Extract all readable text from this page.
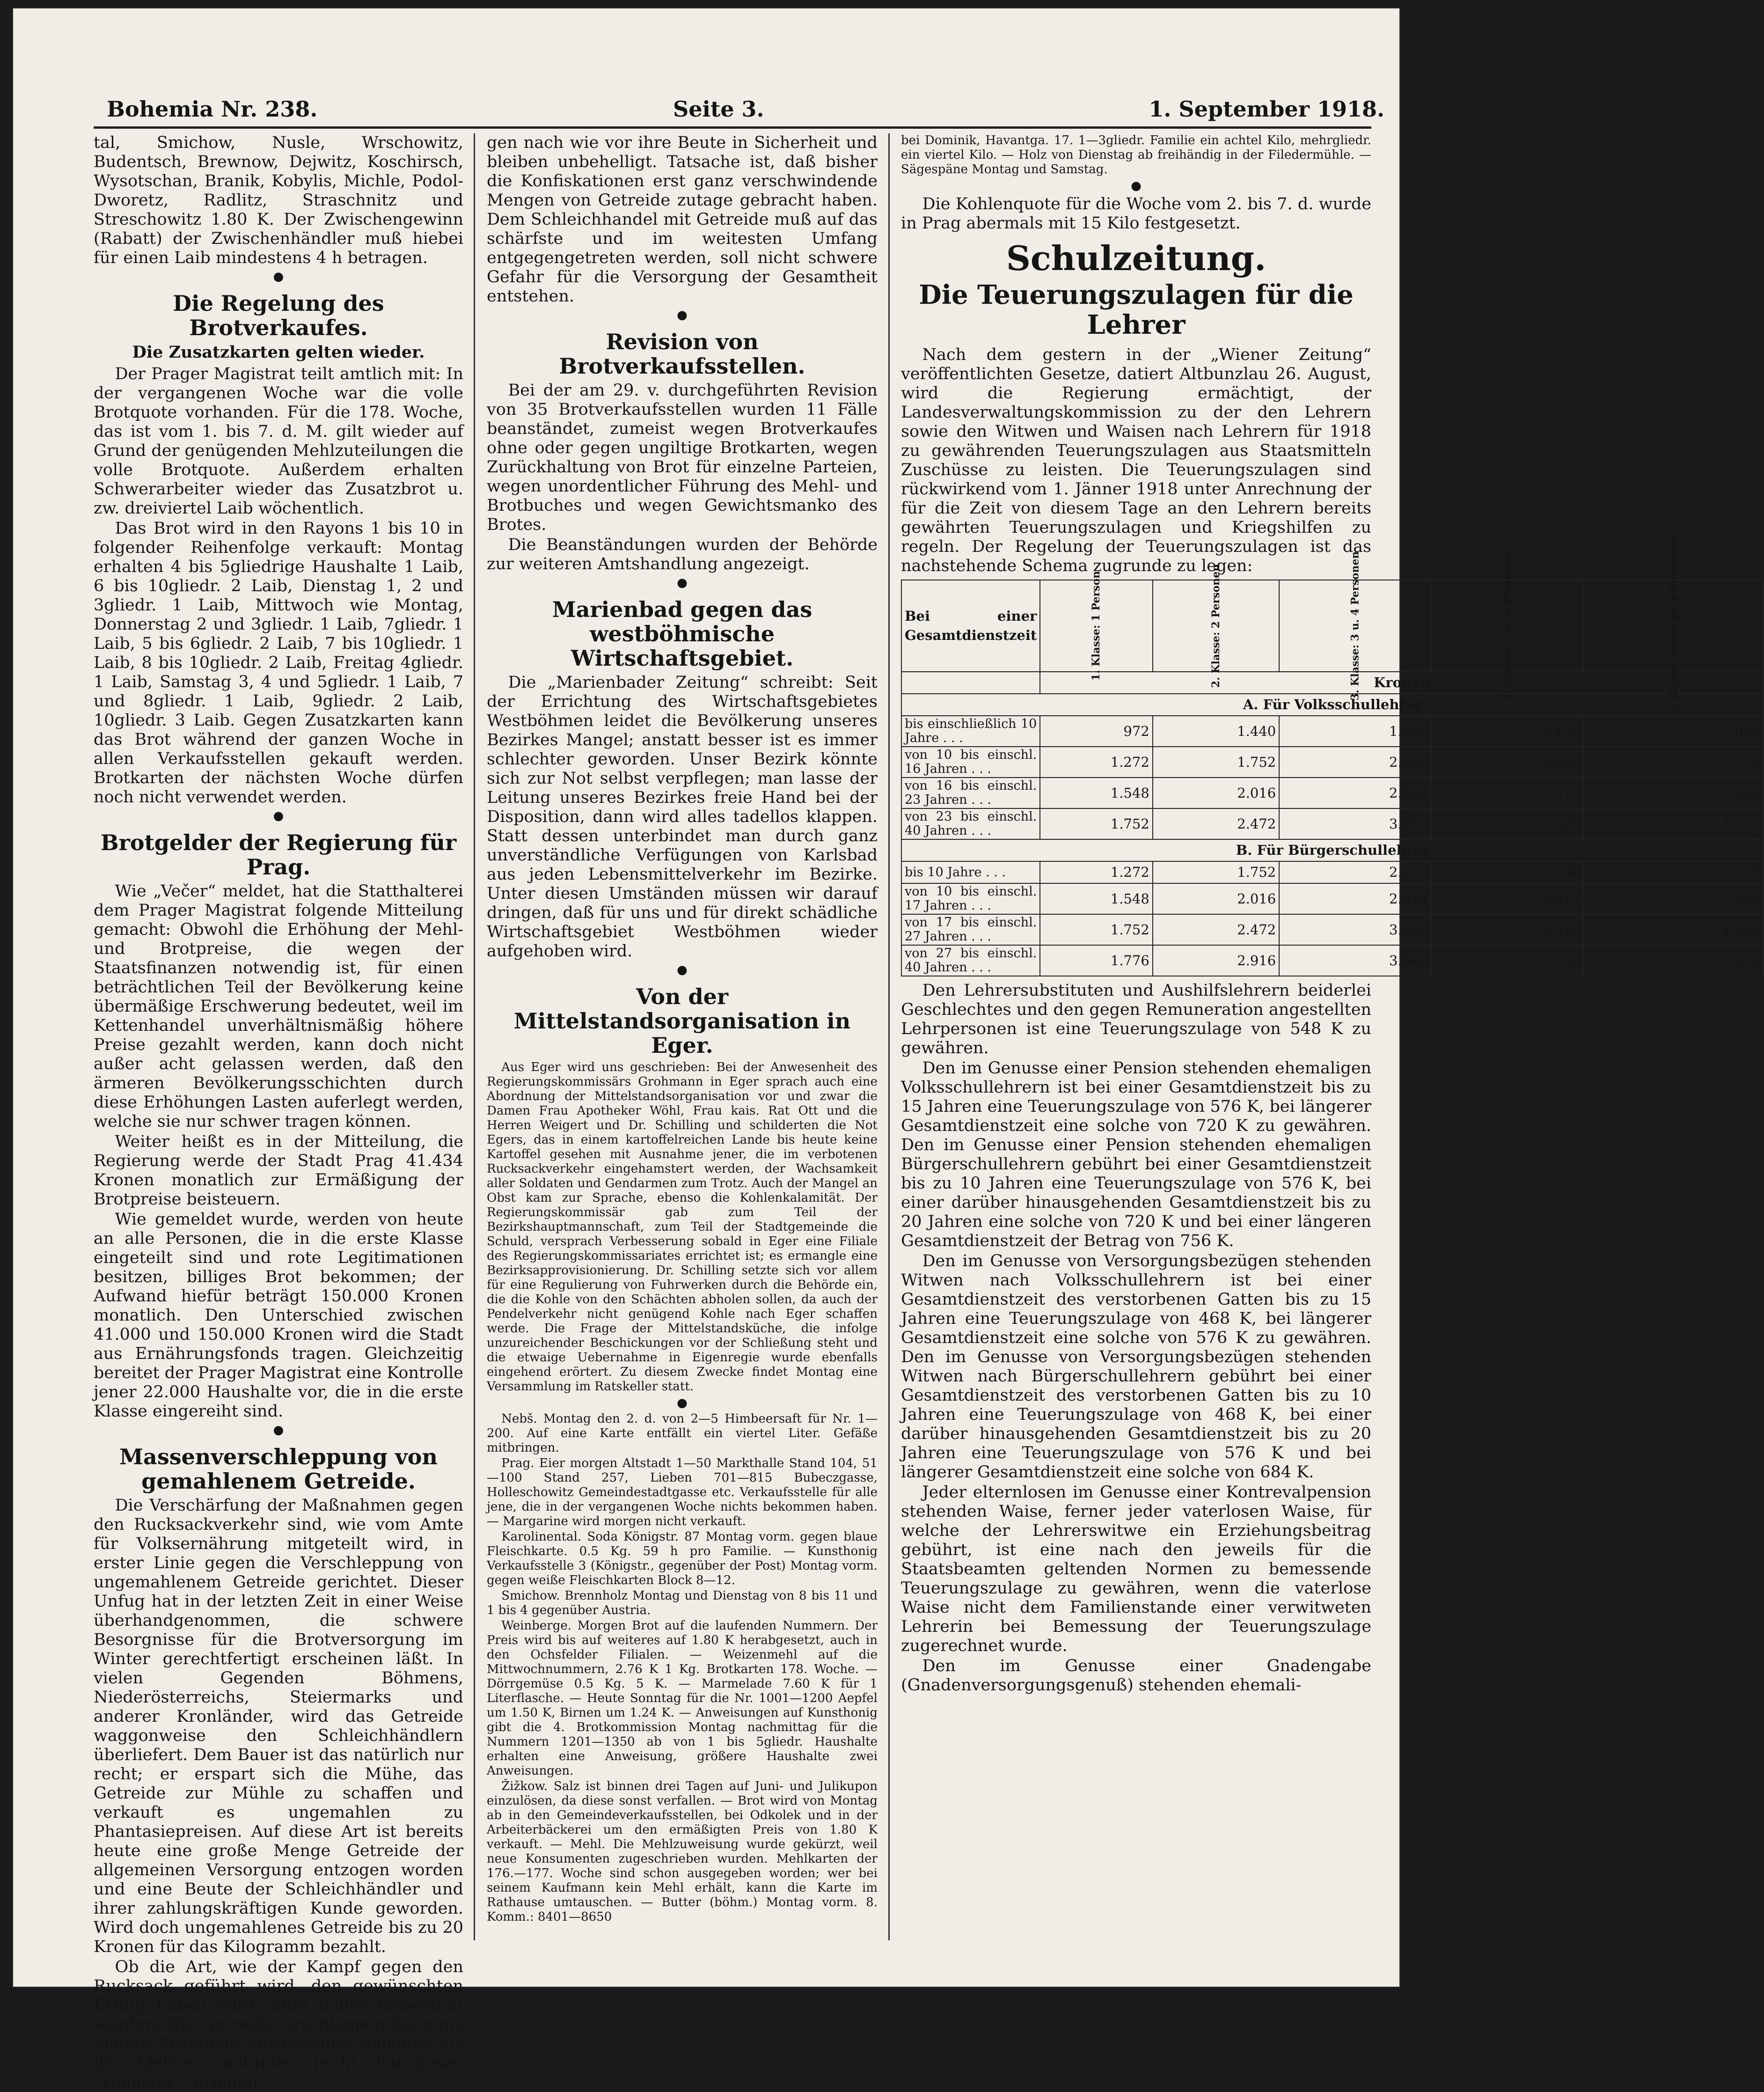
Bohemia Nr. 238.	Seite 3.	1. September 1918.

tal, Smichow, Nusle, Wrschowitz, Budentsch, Brewnow, Dejwitz, Koschirsch, Wysotschan, Branik, Kobylis, Michle, Podol-Dworetz, Radlitz, Straschnitz und Streschowitz 1.80 K. Der Zwischengewinn (Rabatt) der Zwischenhändler muß hiebei für einen Laib mindestens 4 h betragen.

●
Die Regelung des Brotverkaufes.
Die Zusatzkarten gelten wieder.

Der Prager Magistrat teilt amtlich mit: In der vergangenen Woche war die volle Brotquote vorhanden. Für die 178. Woche, das ist vom 1. bis 7. d. M. gilt wieder auf Grund der genügenden Mehlzuteilungen die volle Brotquote. Außerdem erhalten Schwerarbeiter wieder das Zusatzbrot u. zw. dreiviertel Laib wöchentlich.

Das Brot wird in den Rayons 1 bis 10 in folgender Reihenfolge verkauft: Montag erhalten 4 bis 5gliedrige Haushalte 1 Laib, 6 bis 10gliedr. 2 Laib, Dienstag 1, 2 und 3gliedr. 1 Laib, Mittwoch wie Montag, Donnerstag 2 und 3gliedr. 1 Laib, 7gliedr. 1 Laib, 5 bis 6gliedr. 2 Laib, 7 bis 10gliedr. 1 Laib, 8 bis 10gliedr. 2 Laib, Freitag 4gliedr. 1 Laib, Samstag 3, 4 und 5gliedr. 1 Laib, 7 und 8gliedr. 1 Laib, 9gliedr. 2 Laib, 10gliedr. 3 Laib. Gegen Zusatzkarten kann das Brot während der ganzen Woche in allen Verkaufsstellen gekauft werden. Brotkarten der nächsten Woche dürfen noch nicht verwendet werden.

●
Brotgelder der Regierung für Prag.

Wie „Večer“ meldet, hat die Statthalterei dem Prager Magistrat folgende Mitteilung gemacht: Obwohl die Erhöhung der Mehl- und Brotpreise, die wegen der Staatsfinanzen notwendig ist, für einen beträchtlichen Teil der Bevölkerung keine übermäßige Erschwerung bedeutet, weil im Kettenhandel unverhältnismäßig höhere Preise gezahlt werden, kann doch nicht außer acht gelassen werden, daß den ärmeren Bevölkerungsschichten durch diese Erhöhungen Lasten auferlegt werden, welche sie nur schwer tragen können.

Weiter heißt es in der Mitteilung, die Regierung werde der Stadt Prag 41.434 Kronen monatlich zur Ermäßigung der Brotpreise beisteuern.

Wie gemeldet wurde, werden von heute an alle Personen, die in die erste Klasse eingeteilt sind und rote Legitimationen besitzen, billiges Brot bekommen; der Aufwand hiefür beträgt 150.000 Kronen monatlich. Den Unterschied zwischen 41.000 und 150.000 Kronen wird die Stadt aus Ernährungsfonds tragen. Gleichzeitig bereitet der Prager Magistrat eine Kontrolle jener 22.000 Haushalte vor, die in die erste Klasse eingereiht sind.

●
Massenverschleppung von gemahlenem Getreide.

Die Verschärfung der Maßnahmen gegen den Rucksackverkehr sind, wie vom Amte für Volksernährung mitgeteilt wird, in erster Linie gegen die Verschleppung von ungemahlenem Getreide gerichtet. Dieser Unfug hat in der letzten Zeit in einer Weise überhandgenommen, die schwere Besorgnisse für die Brotversorgung im Winter gerechtfertigt erscheinen läßt. In vielen Gegenden Böhmens, Niederösterreichs, Steiermarks und anderer Kronländer, wird das Getreide waggonweise den Schleichhändlern überliefert. Dem Bauer ist das natürlich nur recht; er erspart sich die Mühe, das Getreide zur Mühle zu schaffen und verkauft es ungemahlen zu Phantasiepreisen. Auf diese Art ist bereits heute eine große Menge Getreide der allgemeinen Versorgung entzogen worden und eine Beute der Schleichhändler und ihrer zahlungskräftigen Kunde geworden. Wird doch ungemahlenes Getreide bis zu 20 Kronen für das Kilogramm bezahlt.

Ob die Art, wie der Kampf gegen den Rucksack geführt wird, den gewünschten Erfolg haben wird, muß leider bezweifelt werden. Die Getreideverschlepper, die ganz andere Praktiken anzuwenden scheinen als die kleinen, mitunter recht harmlosen „Hamster“, bringen

gen nach wie vor ihre Beute in Sicherheit und bleiben unbehelligt. Tatsache ist, daß bisher die Konfiskationen erst ganz verschwindende Mengen von Getreide zutage gebracht haben. Dem Schleichhandel mit Getreide muß auf das schärfste und im weitesten Umfang entgegengetreten werden, soll nicht schwere Gefahr für die Versorgung der Gesamtheit entstehen.

●
Revision von Brotverkaufsstellen.

Bei der am 29. v. durchgeführten Revision von 35 Brotverkaufsstellen wurden 11 Fälle beanständet, zumeist wegen Brotverkaufes ohne oder gegen ungiltige Brotkarten, wegen Zurückhaltung von Brot für einzelne Parteien, wegen unordentlicher Führung des Mehl- und Brotbuches und wegen Gewichtsmanko des Brotes.

Die Beanständungen wurden der Behörde zur weiteren Amtshandlung angezeigt.

●
Marienbad gegen das westböhmische Wirtschaftsgebiet.

Die „Marienbader Zeitung“ schreibt: Seit der Errichtung des Wirtschaftsgebietes Westböhmen leidet die Bevölkerung unseres Bezirkes Mangel; anstatt besser ist es immer schlechter geworden. Unser Bezirk könnte sich zur Not selbst verpflegen; man lasse der Leitung unseres Bezirkes freie Hand bei der Disposition, dann wird alles tadellos klappen. Statt dessen unterbindet man durch ganz unverständliche Verfügungen von Karlsbad aus jeden Lebensmittelverkehr im Bezirke. Unter diesen Umständen müssen wir darauf dringen, daß für uns und für direkt schädliche Wirtschaftsgebiet Westböhmen wieder aufgehoben wird.

●
Von der Mittelstandsorganisation in Eger.

Aus Eger wird uns geschrieben: Bei der Anwesenheit des Regierungskommissärs Grohmann in Eger sprach auch eine Abordnung der Mittelstandsorganisation vor und zwar die Damen Frau Apotheker Wöhl, Frau kais. Rat Ott und die Herren Weigert und Dr. Schilling und schilderten die Not Egers, das in einem kartoffelreichen Lande bis heute keine Kartoffel gesehen mit Ausnahme jener, die im verbotenen Rucksackverkehr eingehamstert werden, der Wachsamkeit aller Soldaten und Gendarmen zum Trotz. Auch der Mangel an Obst kam zur Sprache, ebenso die Kohlenkalamität. Der Regierungskommissär gab zum Teil der Bezirkshauptmannschaft, zum Teil der Stadtgemeinde die Schuld, versprach Verbesserung sobald in Eger eine Filiale des Regierungskommissariates errichtet ist; es ermangle eine Bezirksapprovisionierung. Dr. Schilling setzte sich vor allem für eine Regulierung von Fuhrwerken durch die Behörde ein, die die Kohle von den Schächten abholen sollen, da auch der Pendelverkehr nicht genügend Kohle nach Eger schaffen werde. Die Frage der Mittelstandsküche, die infolge unzureichender Beschickungen vor der Schließung steht und die etwaige Uebernahme in Eigenregie wurde ebenfalls eingehend erörtert. Zu diesem Zwecke findet Montag eine Versammlung im Ratskeller statt.

●

Nebš. Montag den 2. d. von 2—5 Himbeersaft für Nr. 1—200. Auf eine Karte entfällt ein viertel Liter. Gefäße mitbringen.

Prag. Eier morgen Altstadt 1—50 Markthalle Stand 104, 51—100 Stand 257, Lieben 701—815 Bubeczgasse, Holleschowitz Gemeindestadtgasse etc. Verkaufsstelle für alle jene, die in der vergangenen Woche nichts bekommen haben. — Margarine wird morgen nicht verkauft.

Karolinental. Soda Königstr. 87 Montag vorm. gegen blaue Fleischkarte. 0.5 Kg. 59 h pro Familie. — Kunsthonig Verkaufsstelle 3 (Königstr., gegenüber der Post) Montag vorm. gegen weiße Fleischkarten Block 8—12.

Smichow. Brennholz Montag und Dienstag von 8 bis 11 und 1 bis 4 gegenüber Austria.

Weinberge. Morgen Brot auf die laufenden Nummern. Der Preis wird bis auf weiteres auf 1.80 K herabgesetzt, auch in den Ochsfelder Filialen. — Weizenmehl auf die Mittwochnummern, 2.76 K 1 Kg. Brotkarten 178. Woche. — Dörrgemüse 0.5 Kg. 5 K. — Marmelade 7.60 K für 1 Literflasche. — Heute Sonntag für die Nr. 1001—1200 Aepfel um 1.50 K, Birnen um 1.24 K. — Anweisungen auf Kunsthonig gibt die 4. Brotkommission Montag nachmittag für die Nummern 1201—1350 ab von 1 bis 5gliedr. Haushalte erhalten eine Anweisung, größere Haushalte zwei Anweisungen.

Žižkow. Salz ist binnen drei Tagen auf Juni- und Julikupon einzulösen, da diese sonst verfallen. — Brot wird von Montag ab in den Gemeindeverkaufsstellen, bei Odkolek und in der Arbeiterbäckerei um den ermäßigten Preis von 1.80 K verkauft. — Mehl. Die Mehlzuweisung wurde gekürzt, weil neue Konsumenten zugeschrieben wurden. Mehlkarten der 176.—177. Woche sind schon ausgegeben worden; wer bei seinem Kaufmann kein Mehl erhält, kann die Karte im Rathause umtauschen. — Butter (böhm.) Montag vorm. 8. Komm.: 8401—8650

bei Dominik, Havantga. 17. 1—3gliedr. Familie ein achtel Kilo, mehrgliedr. ein viertel Kilo. — Holz von Dienstag ab freihändig in der Filedermühle. — Sägespäne Montag und Samstag.

●

Die Kohlenquote für die Woche vom 2. bis 7. d. wurde in Prag abermals mit 15 Kilo festgesetzt.

Schulzeitung.
Die Teuerungszulagen für die Lehrer

Nach dem gestern in der „Wiener Zeitung“ veröffentlichten Gesetze, datiert Altbunzlau 26. August, wird die Regierung ermächtigt, der Landesverwaltungskommission zu der den Lehrern sowie den Witwen und Waisen nach Lehrern für 1918 zu gewährenden Teuerungszulagen aus Staatsmitteln Zuschüsse zu leisten. Die Teuerungszulagen sind rückwirkend vom 1. Jänner 1918 unter Anrechnung der für die Zeit von diesem Tage an den Lehrern bereits gewährten Teuerungszulagen und Kriegshilfen zu regeln. Der Regelung der Teuerungszulagen ist das nachstehende Schema zugrunde zu legen:

Bei einer Gesamtdienstzeit	1. Klasse: 1 Person	2. Klasse: 2 Personen	3. Klasse: 3 u. 4 Personen	4. Klasse: 5 u. 6 Personen	5. Klasse: mehr als 6 Personen
	Kronen				
A. Für Volksschullehrer					
bis einschließlich 10 Jahre . . .	972	1.440	1.908	2.496	3.024
von 10 bis einschl. 16 Jahren . . .	1.272	1.752	2.280	2.808	3.336
von 16 bis einschl. 23 Jahren . . .	1.548	2.016	2.544	3.072	3.600
von 23 bis einschl. 40 Jahren . . .	1.752	2.472	3.000	3.528	4.057
B. Für Bürgerschullehrer					
bis 10 Jahre . . .	1.272	1.752	2.280	2.808	3.336
von 10 bis einschl. 17 Jahren . . .	1.548	2.016	2.544	3.072	3.600
von 17 bis einschl. 27 Jahren . . .	1.752	2.472	3.000	3.528	4.056
von 27 bis einschl. 40 Jahren . . .	1.776	2.916	3.588	4.260	4.932

Den Lehrersubstituten und Aushilfslehrern beiderlei Geschlechtes und den gegen Remuneration angestellten Lehrpersonen ist eine Teuerungszulage von 548 K zu gewähren.

Den im Genusse einer Pension stehenden ehemaligen Volksschullehrern ist bei einer Gesamtdienstzeit bis zu 15 Jahren eine Teuerungszulage von 576 K, bei längerer Gesamtdienstzeit eine solche von 720 K zu gewähren. Den im Genusse einer Pension stehenden ehemaligen Bürgerschullehrern gebührt bei einer Gesamtdienstzeit bis zu 10 Jahren eine Teuerungszulage von 576 K, bei einer darüber hinausgehenden Gesamtdienstzeit bis zu 20 Jahren eine solche von 720 K und bei einer längeren Gesamtdienstzeit der Betrag von 756 K.

Den im Genusse von Versorgungsbezügen stehenden Witwen nach Volksschullehrern ist bei einer Gesamtdienstzeit des verstorbenen Gatten bis zu 15 Jahren eine Teuerungszulage von 468 K, bei längerer Gesamtdienstzeit eine solche von 576 K zu gewähren. Den im Genusse von Versorgungsbezügen stehenden Witwen nach Bürgerschullehrern gebührt bei einer Gesamtdienstzeit des verstorbenen Gatten bis zu 10 Jahren eine Teuerungszulage von 468 K, bei einer darüber hinausgehenden Gesamtdienstzeit bis zu 20 Jahren eine Teuerungszulage von 576 K und bei längerer Gesamtdienstzeit eine solche von 684 K.

Jeder elternlosen im Genusse einer Kontrevalpension stehenden Waise, ferner jeder vaterlosen Waise, für welche der Lehrerswitwe ein Erziehungsbeitrag gebührt, ist eine nach den jeweils für die Staatsbeamten geltenden Normen zu bemessende Teuerungszulage zu gewähren, wenn die vaterlose Waise nicht dem Familienstande einer verwitweten Lehrerin bei Bemessung der Teuerungszulage zugerechnet wurde.

Den im Genusse einer Gnadengabe (Gnadenversorgungsgenuß) stehenden ehemali-
